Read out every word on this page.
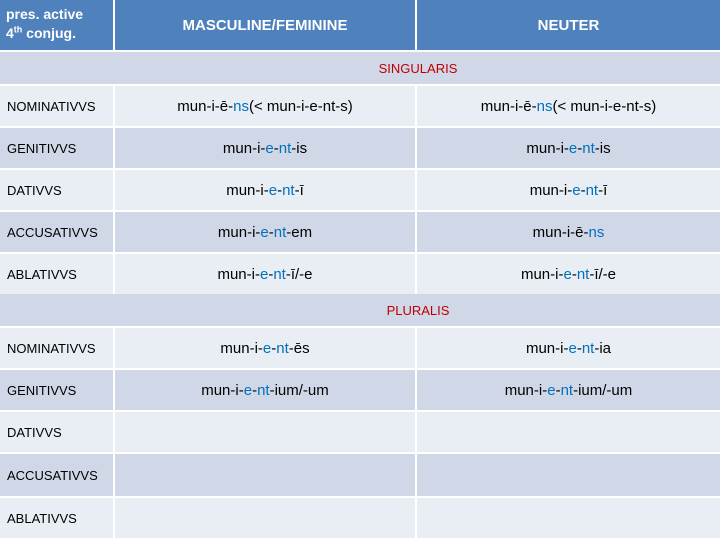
pres. active
4th conjug.	MASCULINE/FEMININE	NEUTER
SINGULARIS
NOMINATIVVS	mun-i- ē- ns (< mun-i-e-nt-s)	mun-i- ē- ns (< mun-i-e-nt-s)
GENITIVVS	mun-i- e - nt -is	mun-i- e - nt -is
DATIVVS	mun-i- e - nt -ī	mun-i- e - nt -ī
ACCUSATIVVS	mun-i- e - nt -em	mun-i- ē- ns
ABLATIVVS	mun-i- e - nt -ī/-e	mun-i- e - nt -ī/-e
PLURALIS
NOMINATIVVS	mun-i- e - nt -ēs	mun-i- e - nt -ia
GENITIVVS	mun-i- e - nt -ium/-um	mun-i- e - nt -ium/-um
DATIVVS
ACCUSATIVVS
ABLATIVVS
